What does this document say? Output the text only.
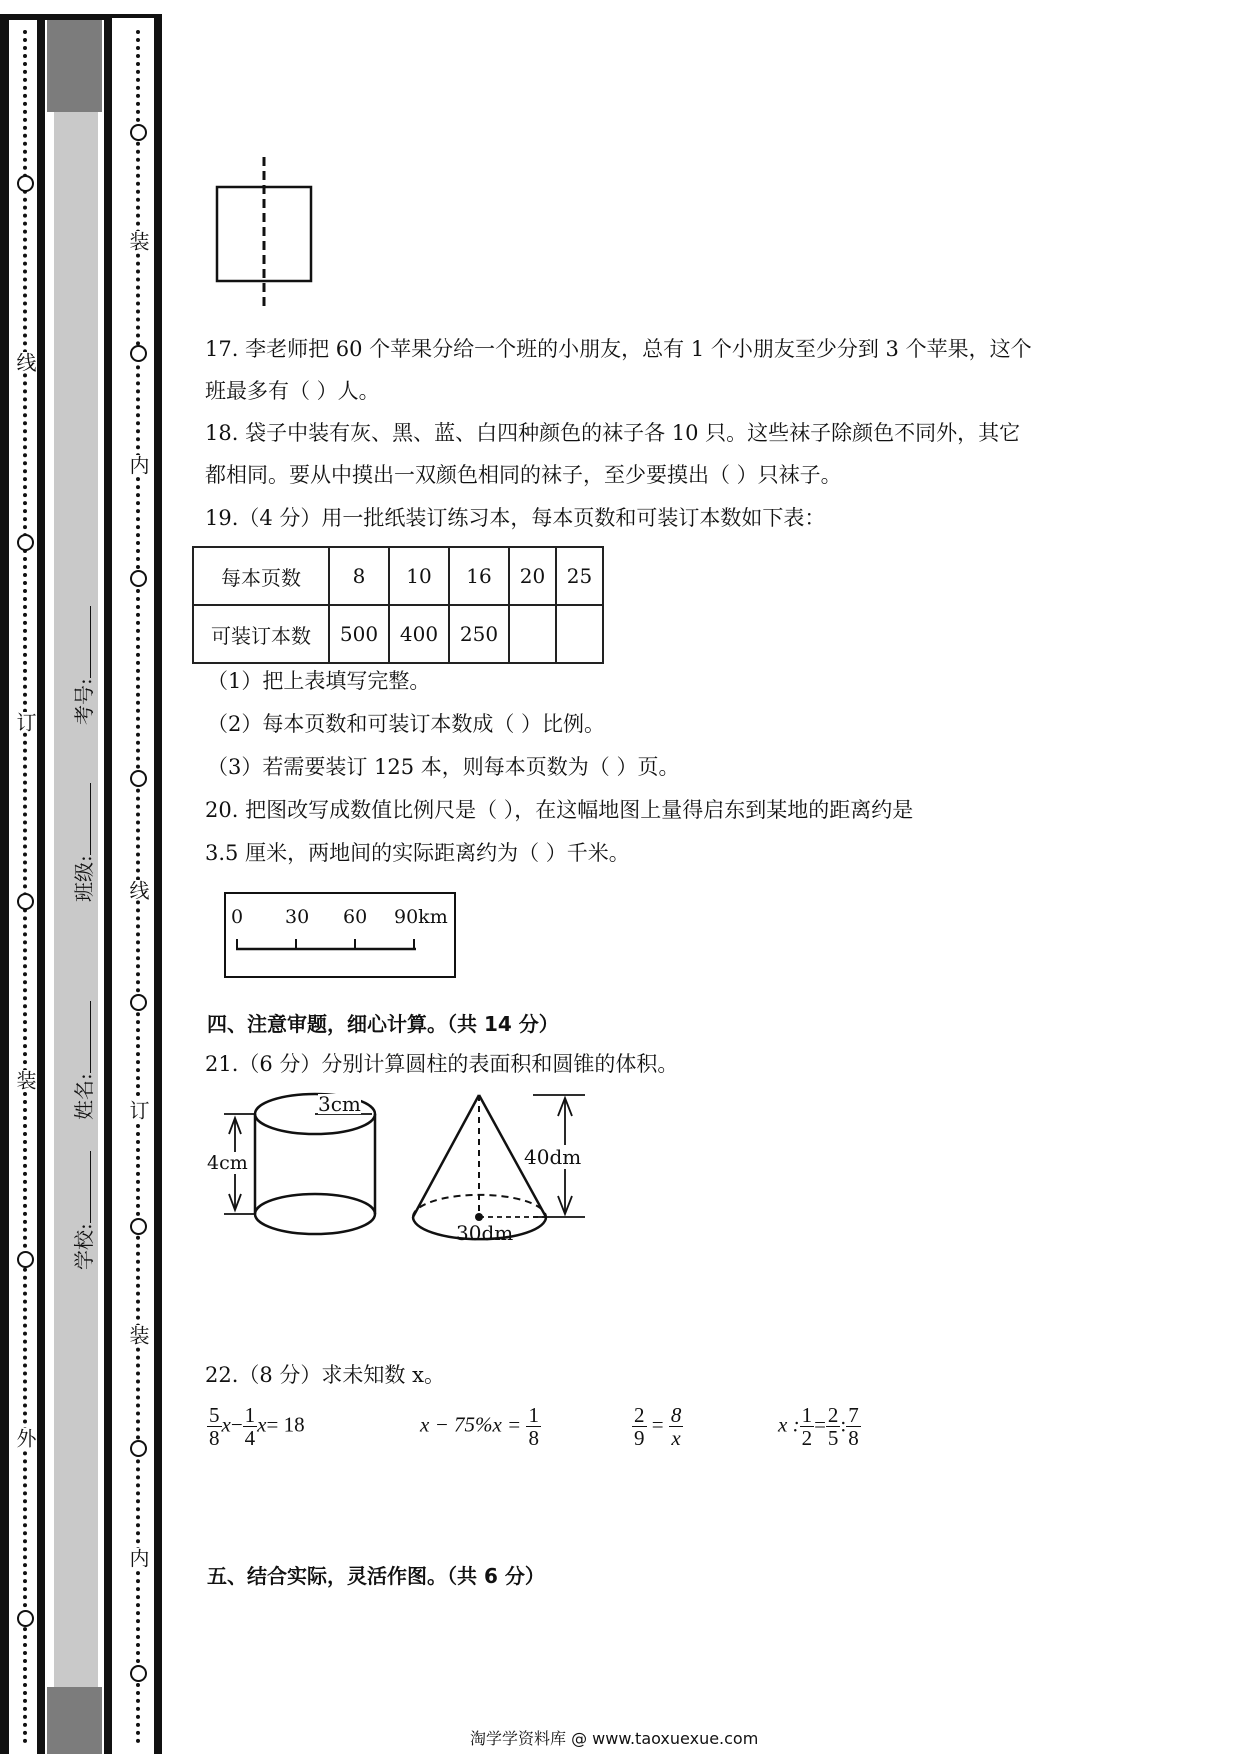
线
订
装
外
装
内
线
订
装
内
学校:
姓名:
班级:
考号:
17. 李老师把 60 个苹果分给一个班的小朋友，总有 1 个小朋友至少分到 3 个苹果，这个
班最多有（ ）人。
18. 袋子中装有灰、黑、蓝、白四种颜色的袜子各 10 只。这些袜子除颜色不同外，其它
都相同。要从中摸出一双颜色相同的袜子，至少要摸出（ ）只袜子。
19.（4 分）用一批纸装订练习本，每本页数和可装订本数如下表：
每本页数	8	10	16	20	25
可装订本数	500	400	250		
（1）把上表填写完整。
（2）每本页数和可装订本数成（ ）比例。
（3）若需要装订 125 本，则每本页数为（ ）页。
20. 把图改写成数值比例尺是（ ），在这幅地图上量得启东到某地的距离约是
3.5 厘米，两地间的实际距离约为（ ）千米。
0 30 60 90km
四、注意审题，细心计算。（共 14 分）
21.（6 分）分别计算圆柱的表面积和圆锥的体积。
3cm
4cm	40dm
30dm
22.（8 分）求未知数 x。
$\frac{5}{8} x- \frac{1}{4} x= 18$	$x - 75\%x = \frac{1}{8}$	$\frac{2}{9} = \frac{8}{x}$	x : $\frac{1}{2} = \frac{2}{5}$ : $\frac{7}{8}$
五、结合实际，灵活作图。（共 6 分）
淘学学资料库 @ www.taoxuexue.com
